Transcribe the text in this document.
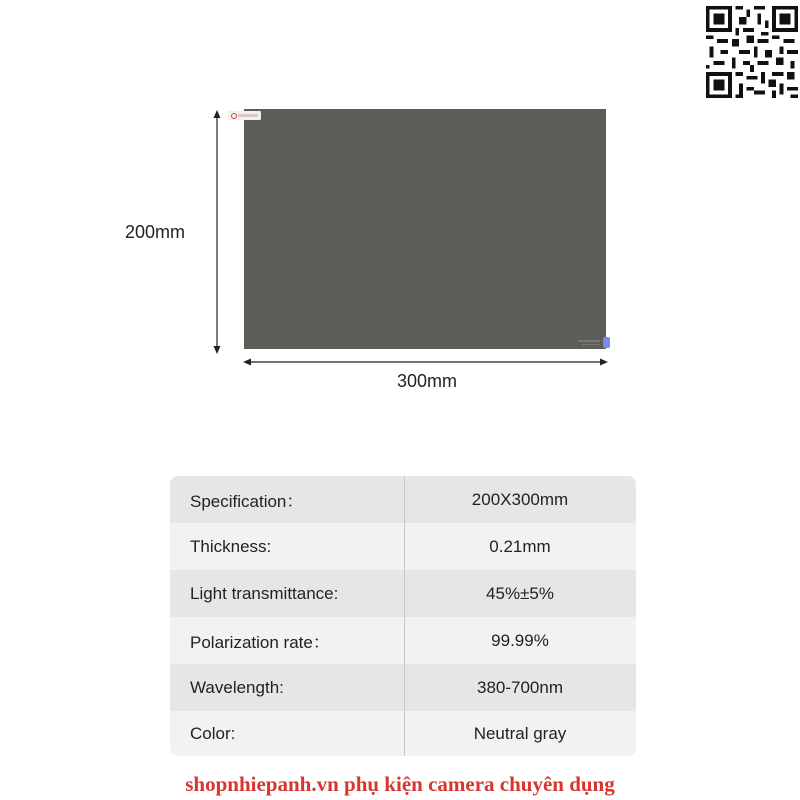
200mm
300mm
Specification：	200X300mm
Thickness:	0.21mm
Light transmittance:	45%±5%
Polarization rate：	99.99%
Wavelength:	380-700nm
Color:	Neutral gray
shopnhiepanh.vn phụ kiện camera chuyên dụng
